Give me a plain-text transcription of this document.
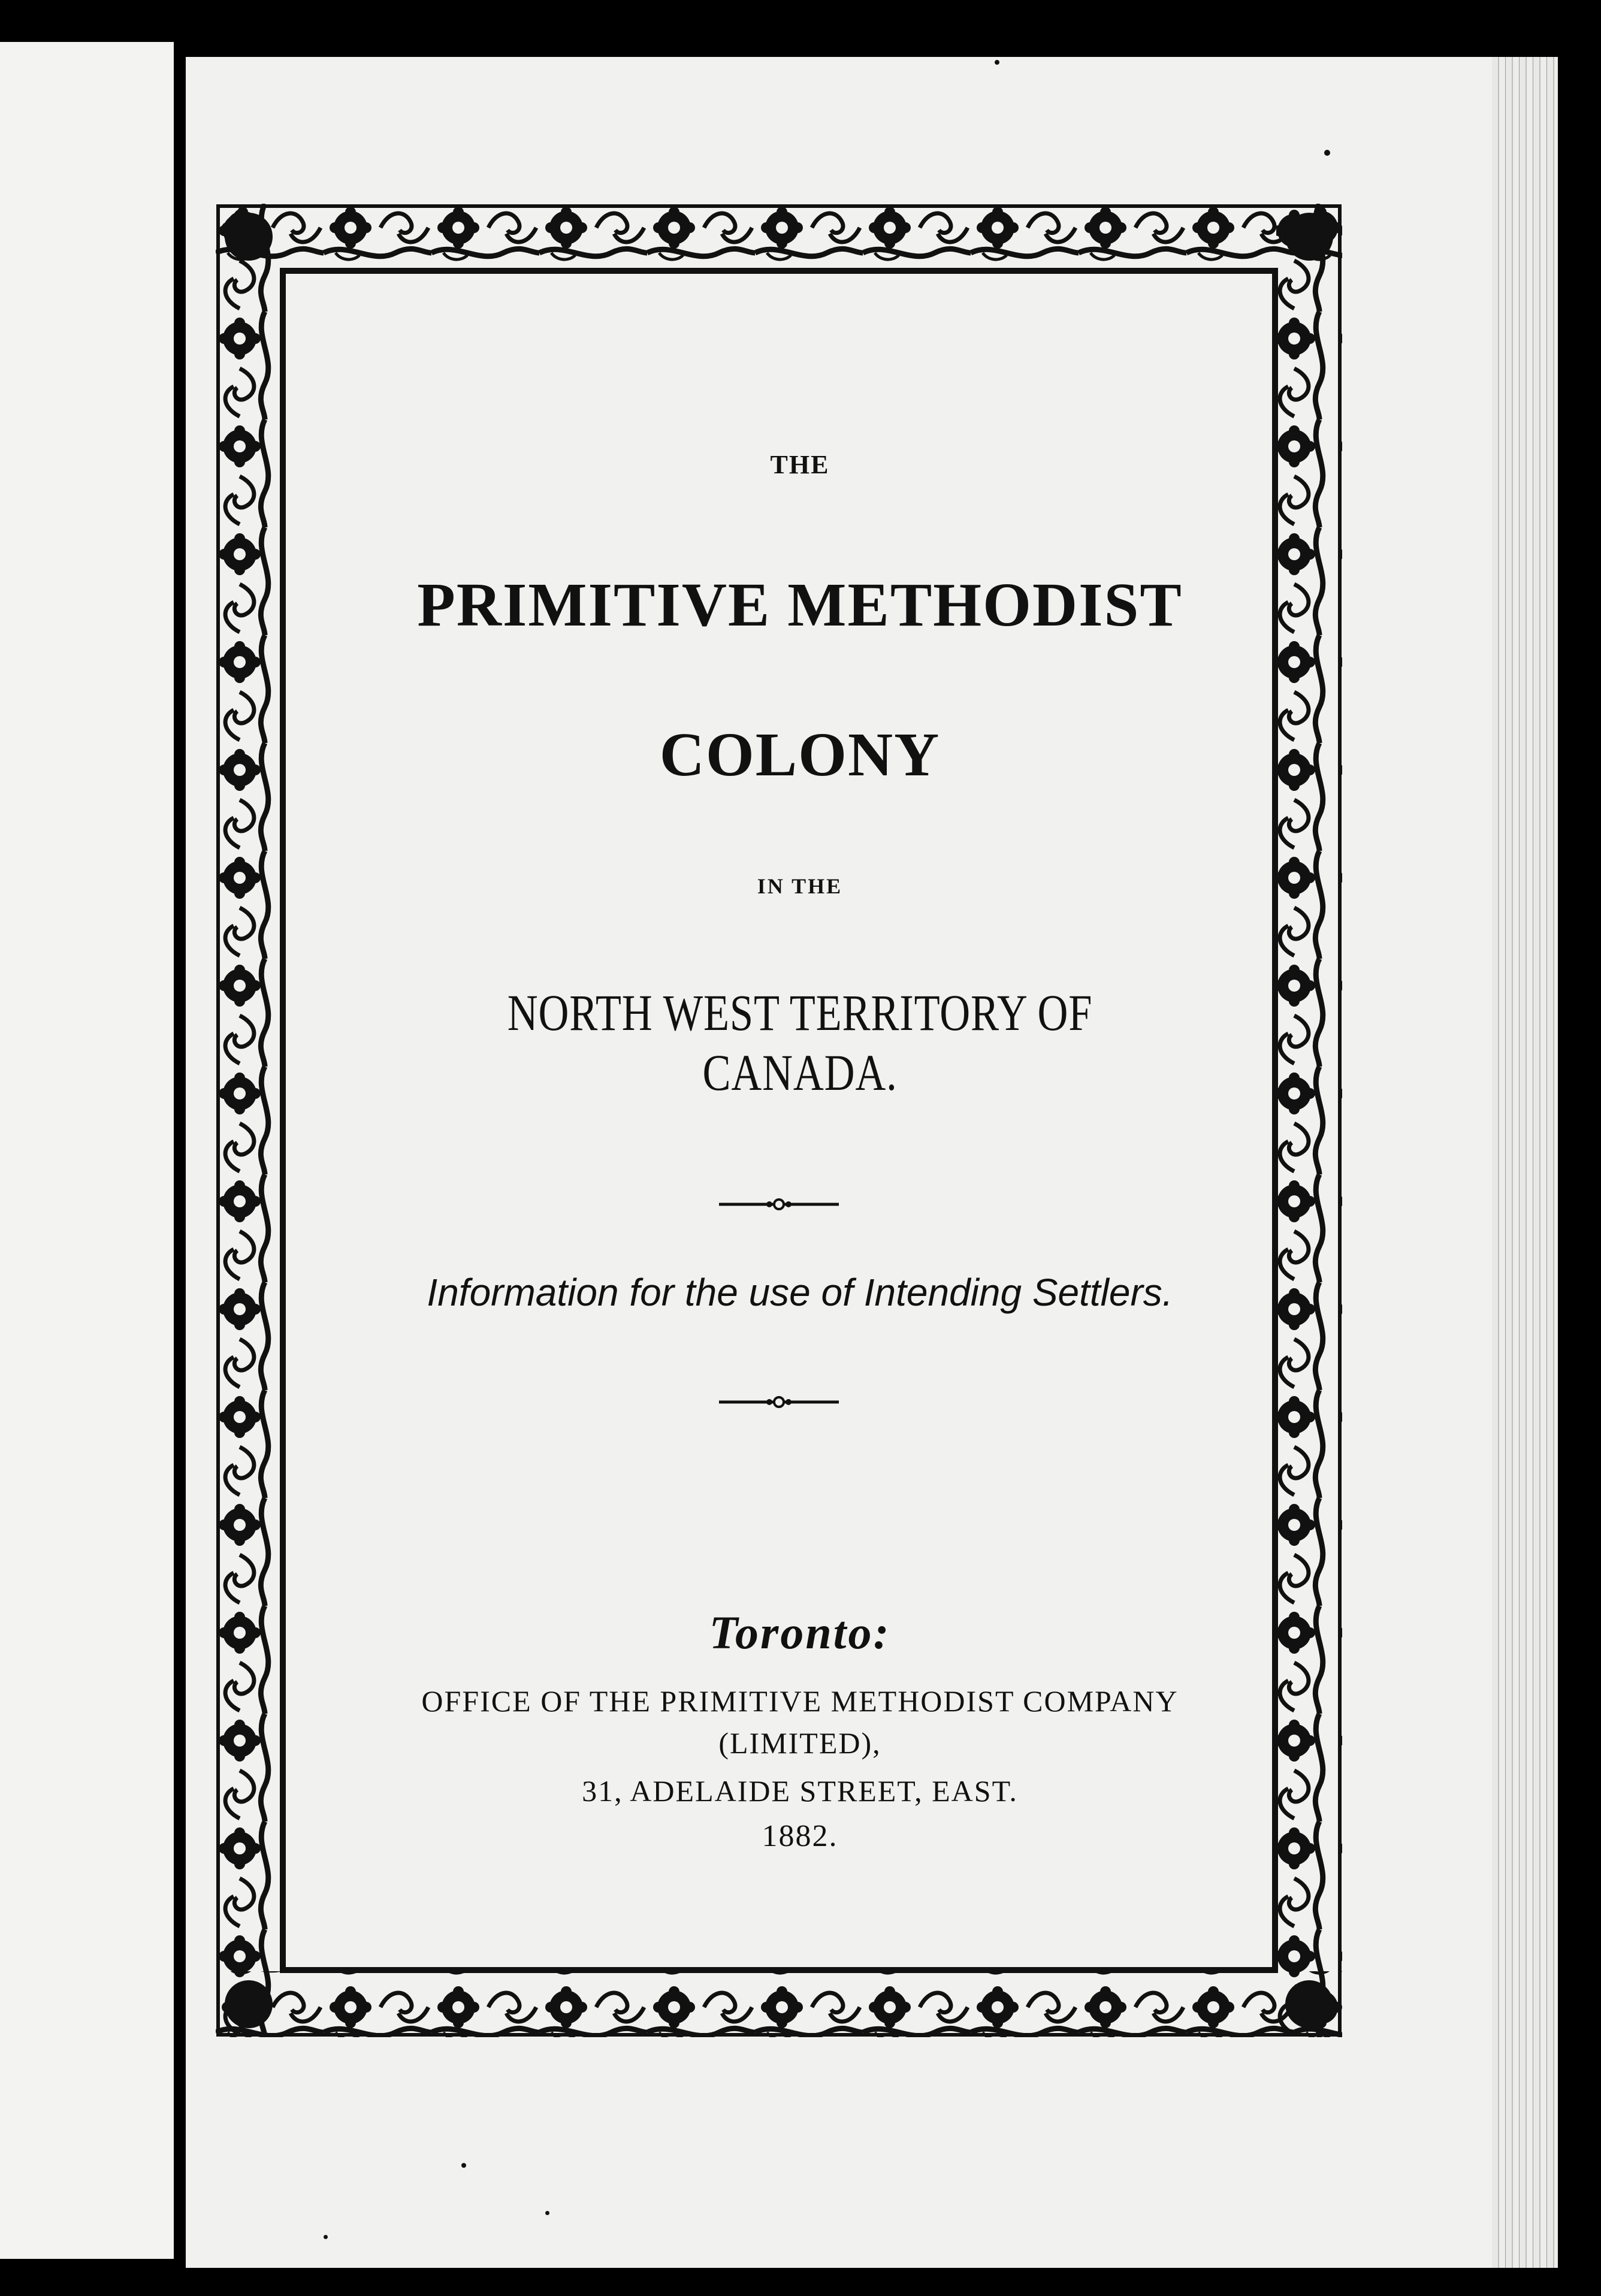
THE
PRIMITIVE METHODIST
COLONY
IN THE
NORTH WEST TERRITORY OF CANADA.
Information for the use of Intending Settlers.
Toronto:
OFFICE OF THE PRIMITIVE METHODIST COMPANY
(LIMITED),
31, ADELAIDE STREET, EAST.
1882.
